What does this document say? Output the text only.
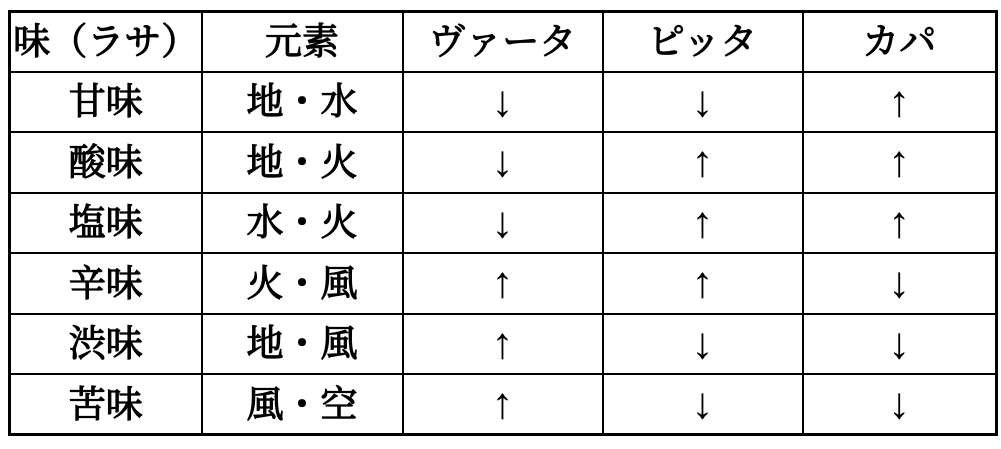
味（ラサ）	元素	ヴァータ	ピッタ	カパ
甘味	地・水	↓	↓	↑
酸味	地・火	↓	↑	↑
塩味	水・火	↓	↑	↑
辛味	火・風	↑	↑	↓
渋味	地・風	↑	↓	↓
苦味	風・空	↑	↓	↓
